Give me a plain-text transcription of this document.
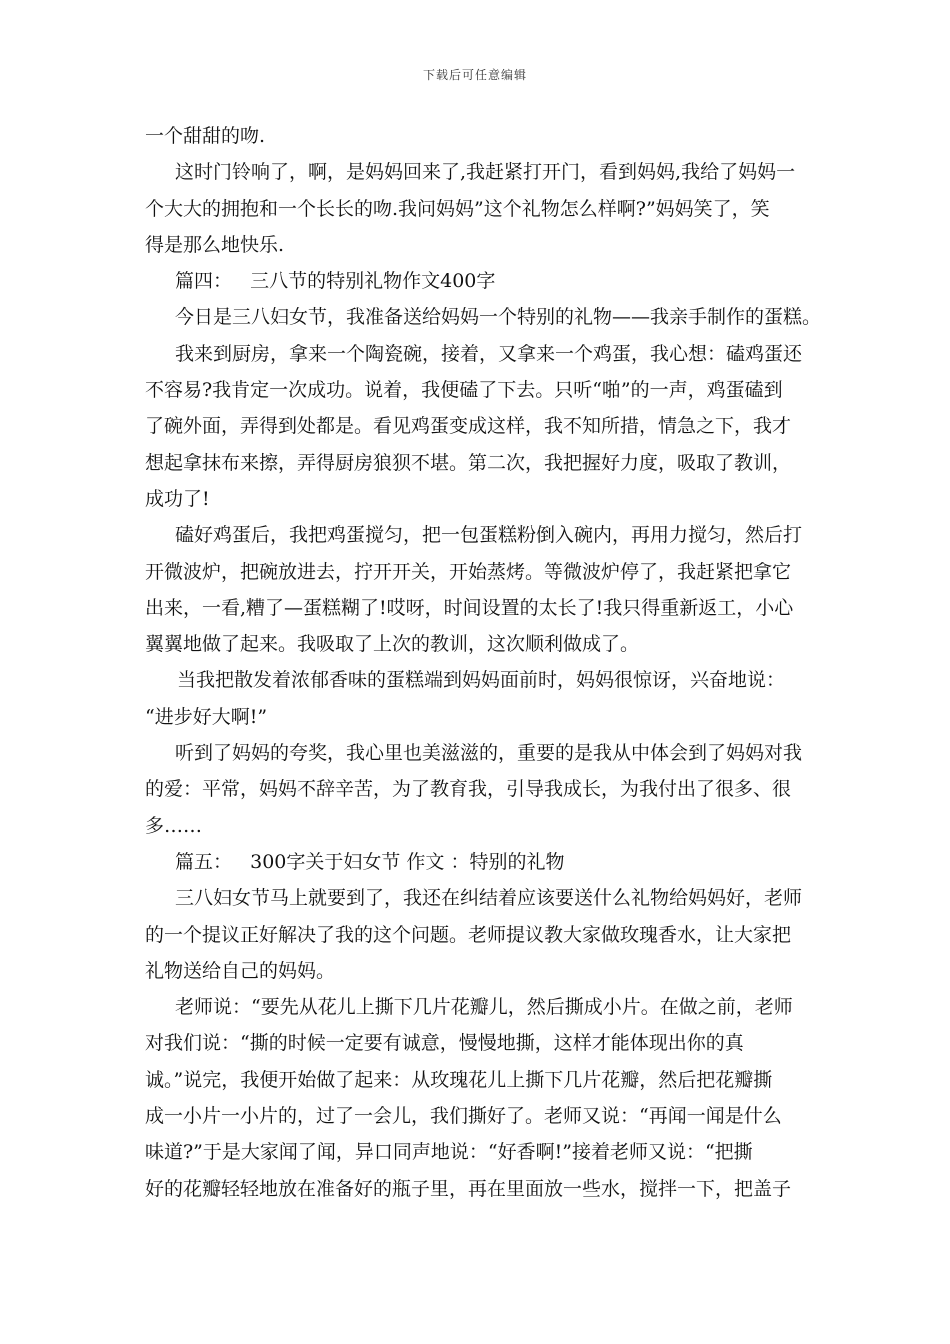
下载后可任意编辑
一个甜甜的吻.
这时门铃响了，啊，是妈妈回来了,我赶紧打开门，看到妈妈,我给了妈妈一
个大大的拥抱和一个长长的吻.我问妈妈”这个礼物怎么样啊?”妈妈笑了，笑
得是那么地快乐.
篇四：   三八节的特别礼物作文400字
今日是三八妇女节，我准备送给妈妈一个特别的礼物——我亲手制作的蛋糕。
我来到厨房，拿来一个陶瓷碗，接着，又拿来一个鸡蛋，我心想：磕鸡蛋还
不容易?我肯定一次成功。说着，我便磕了下去。只听“啪”的一声，鸡蛋磕到
了碗外面，弄得到处都是。看见鸡蛋变成这样，我不知所措，情急之下，我才
想起拿抹布来擦，弄得厨房狼狈不堪。第二次，我把握好力度，吸取了教训，
成功了!
磕好鸡蛋后，我把鸡蛋搅匀，把一包蛋糕粉倒入碗内，再用力搅匀，然后打
开微波炉，把碗放进去，拧开开关，开始蒸烤。等微波炉停了，我赶紧把拿它
出来，一看,糟了—蛋糕糊了!哎呀，时间设置的太长了!我只得重新返工，小心
翼翼地做了起来。我吸取了上次的教训，这次顺利做成了。
当我把散发着浓郁香味的蛋糕端到妈妈面前时，妈妈很惊讶，兴奋地说：
“进步好大啊!”
听到了妈妈的夸奖，我心里也美滋滋的，重要的是我从中体会到了妈妈对我
的爱：平常，妈妈不辞辛苦，为了教育我，引导我成长，为我付出了很多、很
多……
篇五：   300字关于妇女节 作文 ：特别的礼物
三八妇女节马上就要到了，我还在纠结着应该要送什么礼物给妈妈好，老师
的一个提议正好解决了我的这个问题。老师提议教大家做玫瑰香水，让大家把
礼物送给自己的妈妈。
老师说：“要先从花儿上撕下几片花瓣儿，然后撕成小片。在做之前，老师
对我们说：“撕的时候一定要有诚意，慢慢地撕，这样才能体现出你的真
诚。”说完，我便开始做了起来：从玫瑰花儿上撕下几片花瓣，然后把花瓣撕
成一小片一小片的，过了一会儿，我们撕好了。老师又说：“再闻一闻是什么
味道?”于是大家闻了闻，异口同声地说：“好香啊!”接着老师又说：“把撕
好的花瓣轻轻地放在准备好的瓶子里，再在里面放一些水，搅拌一下，把盖子
